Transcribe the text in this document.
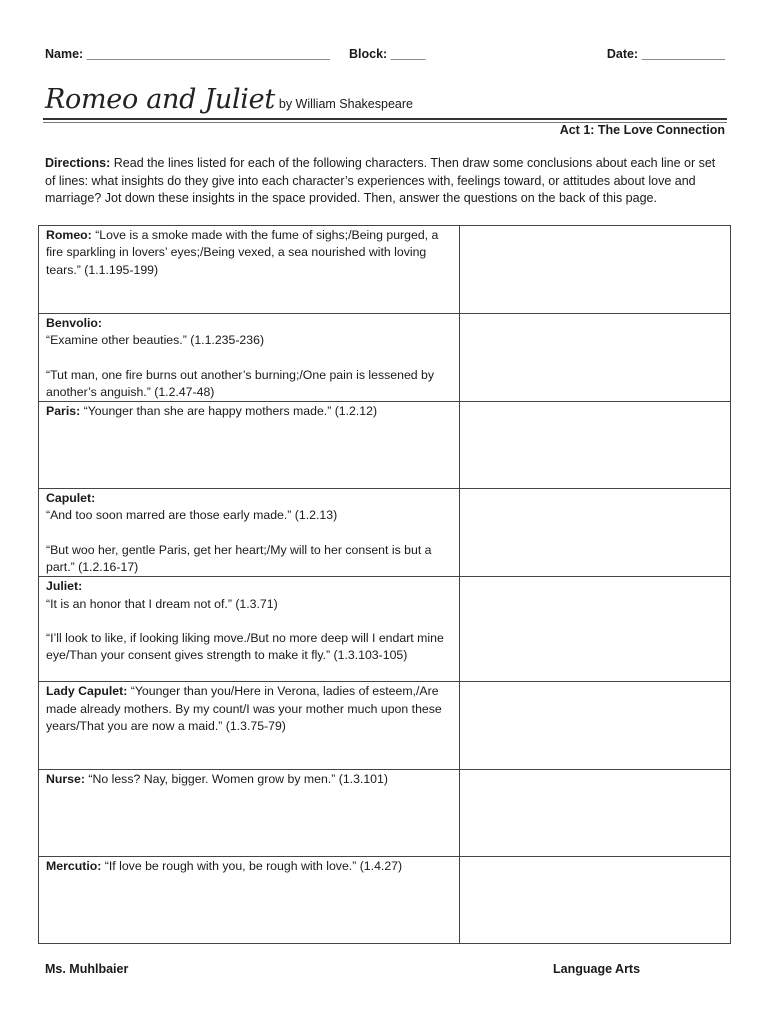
Name: ___________________________________ Block: _____	Date: ____________
Romeo and Juliet by William Shakespeare
Act 1: The Love Connection
Directions: Read the lines listed for each of the following characters. Then draw some conclusions about each line or set of lines: what insights do they give into each character’s experiences with, feelings toward, or attitudes about love and marriage? Jot down these insights in the space provided. Then, answer the questions on the back of this page.
Romeo: “Love is a smoke made with the fume of sighs;/Being purged, a fire sparkling in lovers’ eyes;/Being vexed, a sea nourished with loving tears.” (1.1.195-199)	

Benvolio:
“Examine other beauties.” (1.1.235-236)
“Tut man, one fire burns out another’s burning;/One pain is lessened by another’s anguish.” (1.2.47-48)	

Paris: “Younger than she are happy mothers made.” (1.2.12)	

Capulet:
“And too soon marred are those early made.” (1.2.13)
“But woo her, gentle Paris, get her heart;/My will to her consent is but a part.” (1.2.16-17)	

Juliet:
“It is an honor that I dream not of.” (1.3.71)
“I’ll look to like, if looking liking move./But no more deep will I endart mine eye/Than your consent gives strength to make it fly.” (1.3.103-105)	

Lady Capulet: “Younger than you/Here in Verona, ladies of esteem,/Are made already mothers. By my count/I was your mother much upon these years/That you are now a maid.” (1.3.75-79)	
Nurse: “No less? Nay, bigger. Women grow by men.” (1.3.101)	
Mercutio: “If love be rough with you, be rough with love.” (1.4.27)	
Ms. Muhlbaier	Language Arts
